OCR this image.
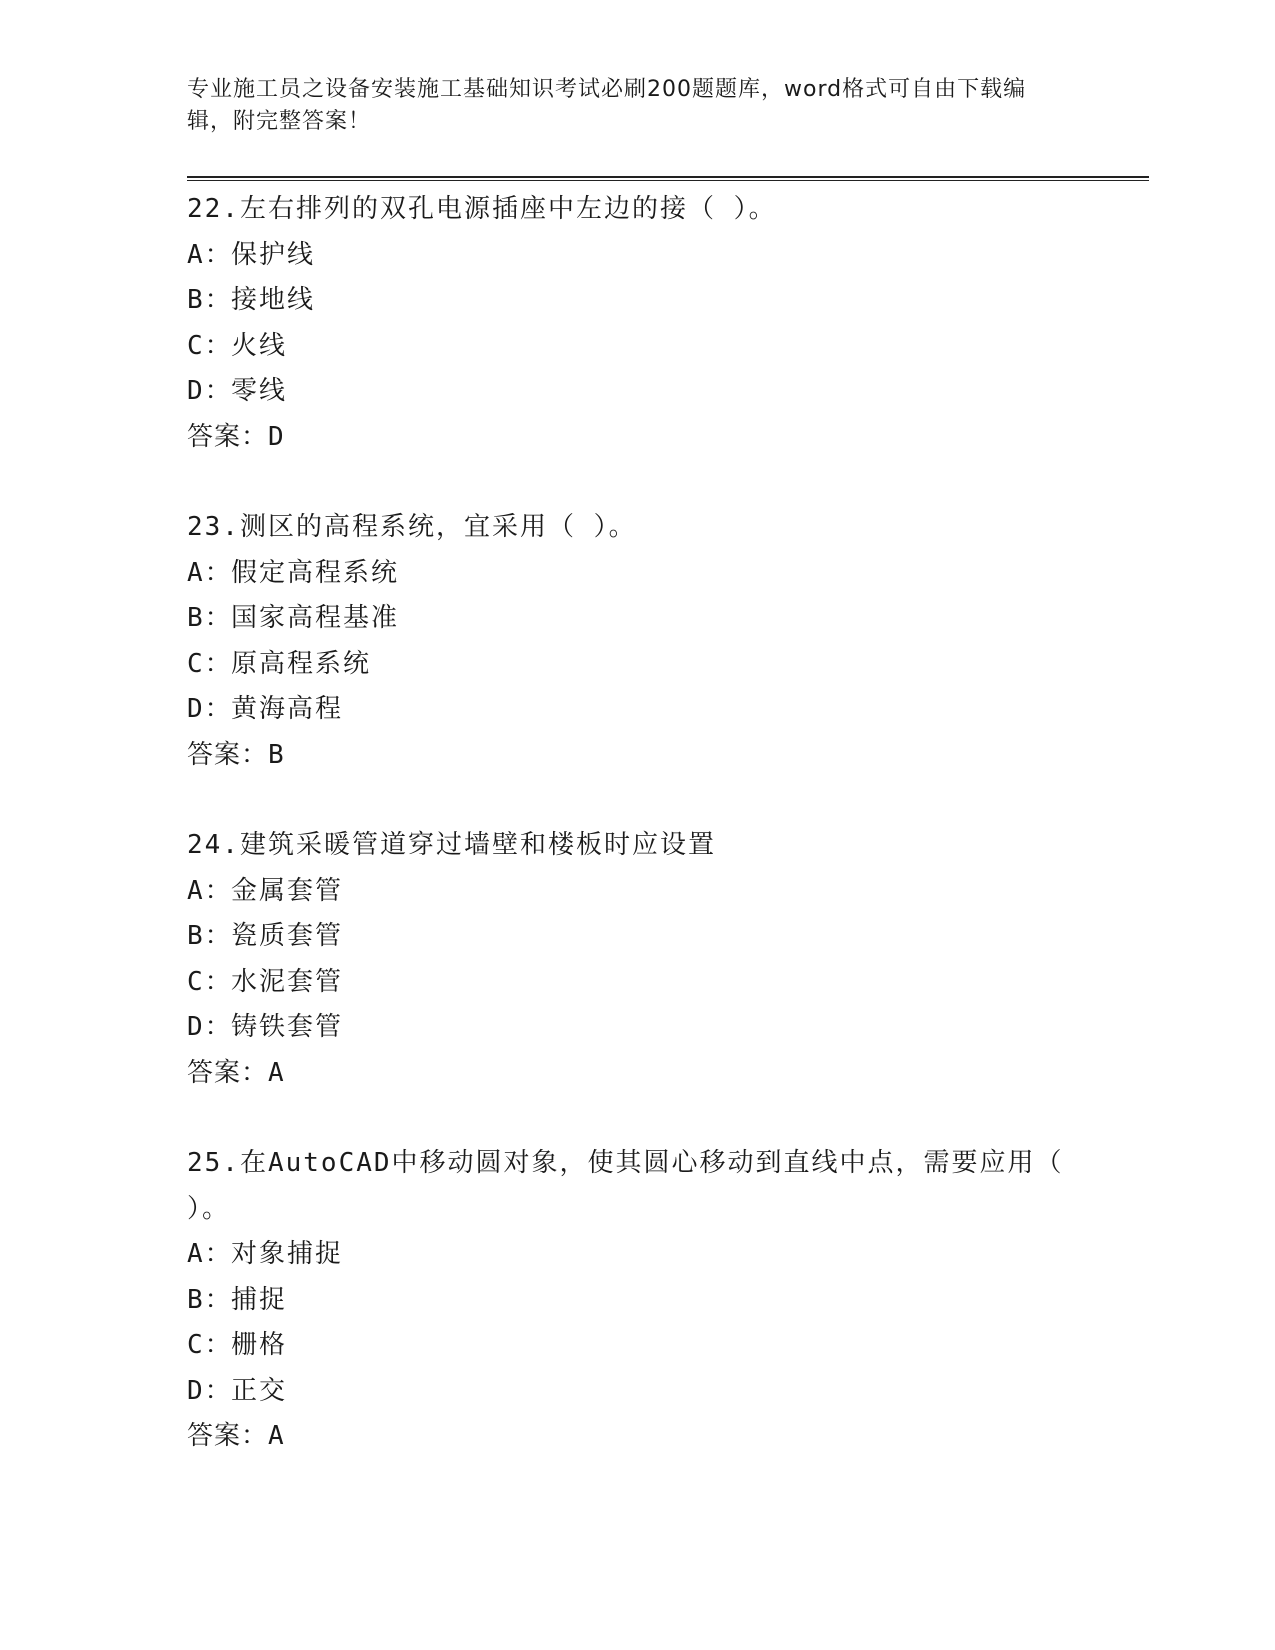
专业施工员之设备安装施工基础知识考试必刷200题题库，word格式可自由下载编辑，附完整答案！
22.左右排列的双孔电源插座中左边的接（ ）。
A：保护线
B：接地线
C：火线
D：零线
答案：D
23.测区的高程系统，宜采用（ ）。
A：假定高程系统
B：国家高程基准
C：原高程系统
D：黄海高程
答案：B
24.建筑采暖管道穿过墙壁和楼板时应设置
A：金属套管
B：瓷质套管
C：水泥套管
D：铸铁套管
答案：A
25.在AutoCAD中移动圆对象，使其圆心移动到直线中点，需要应用（ ）。
A：对象捕捉
B：捕捉
C：栅格
D：正交
答案：A
